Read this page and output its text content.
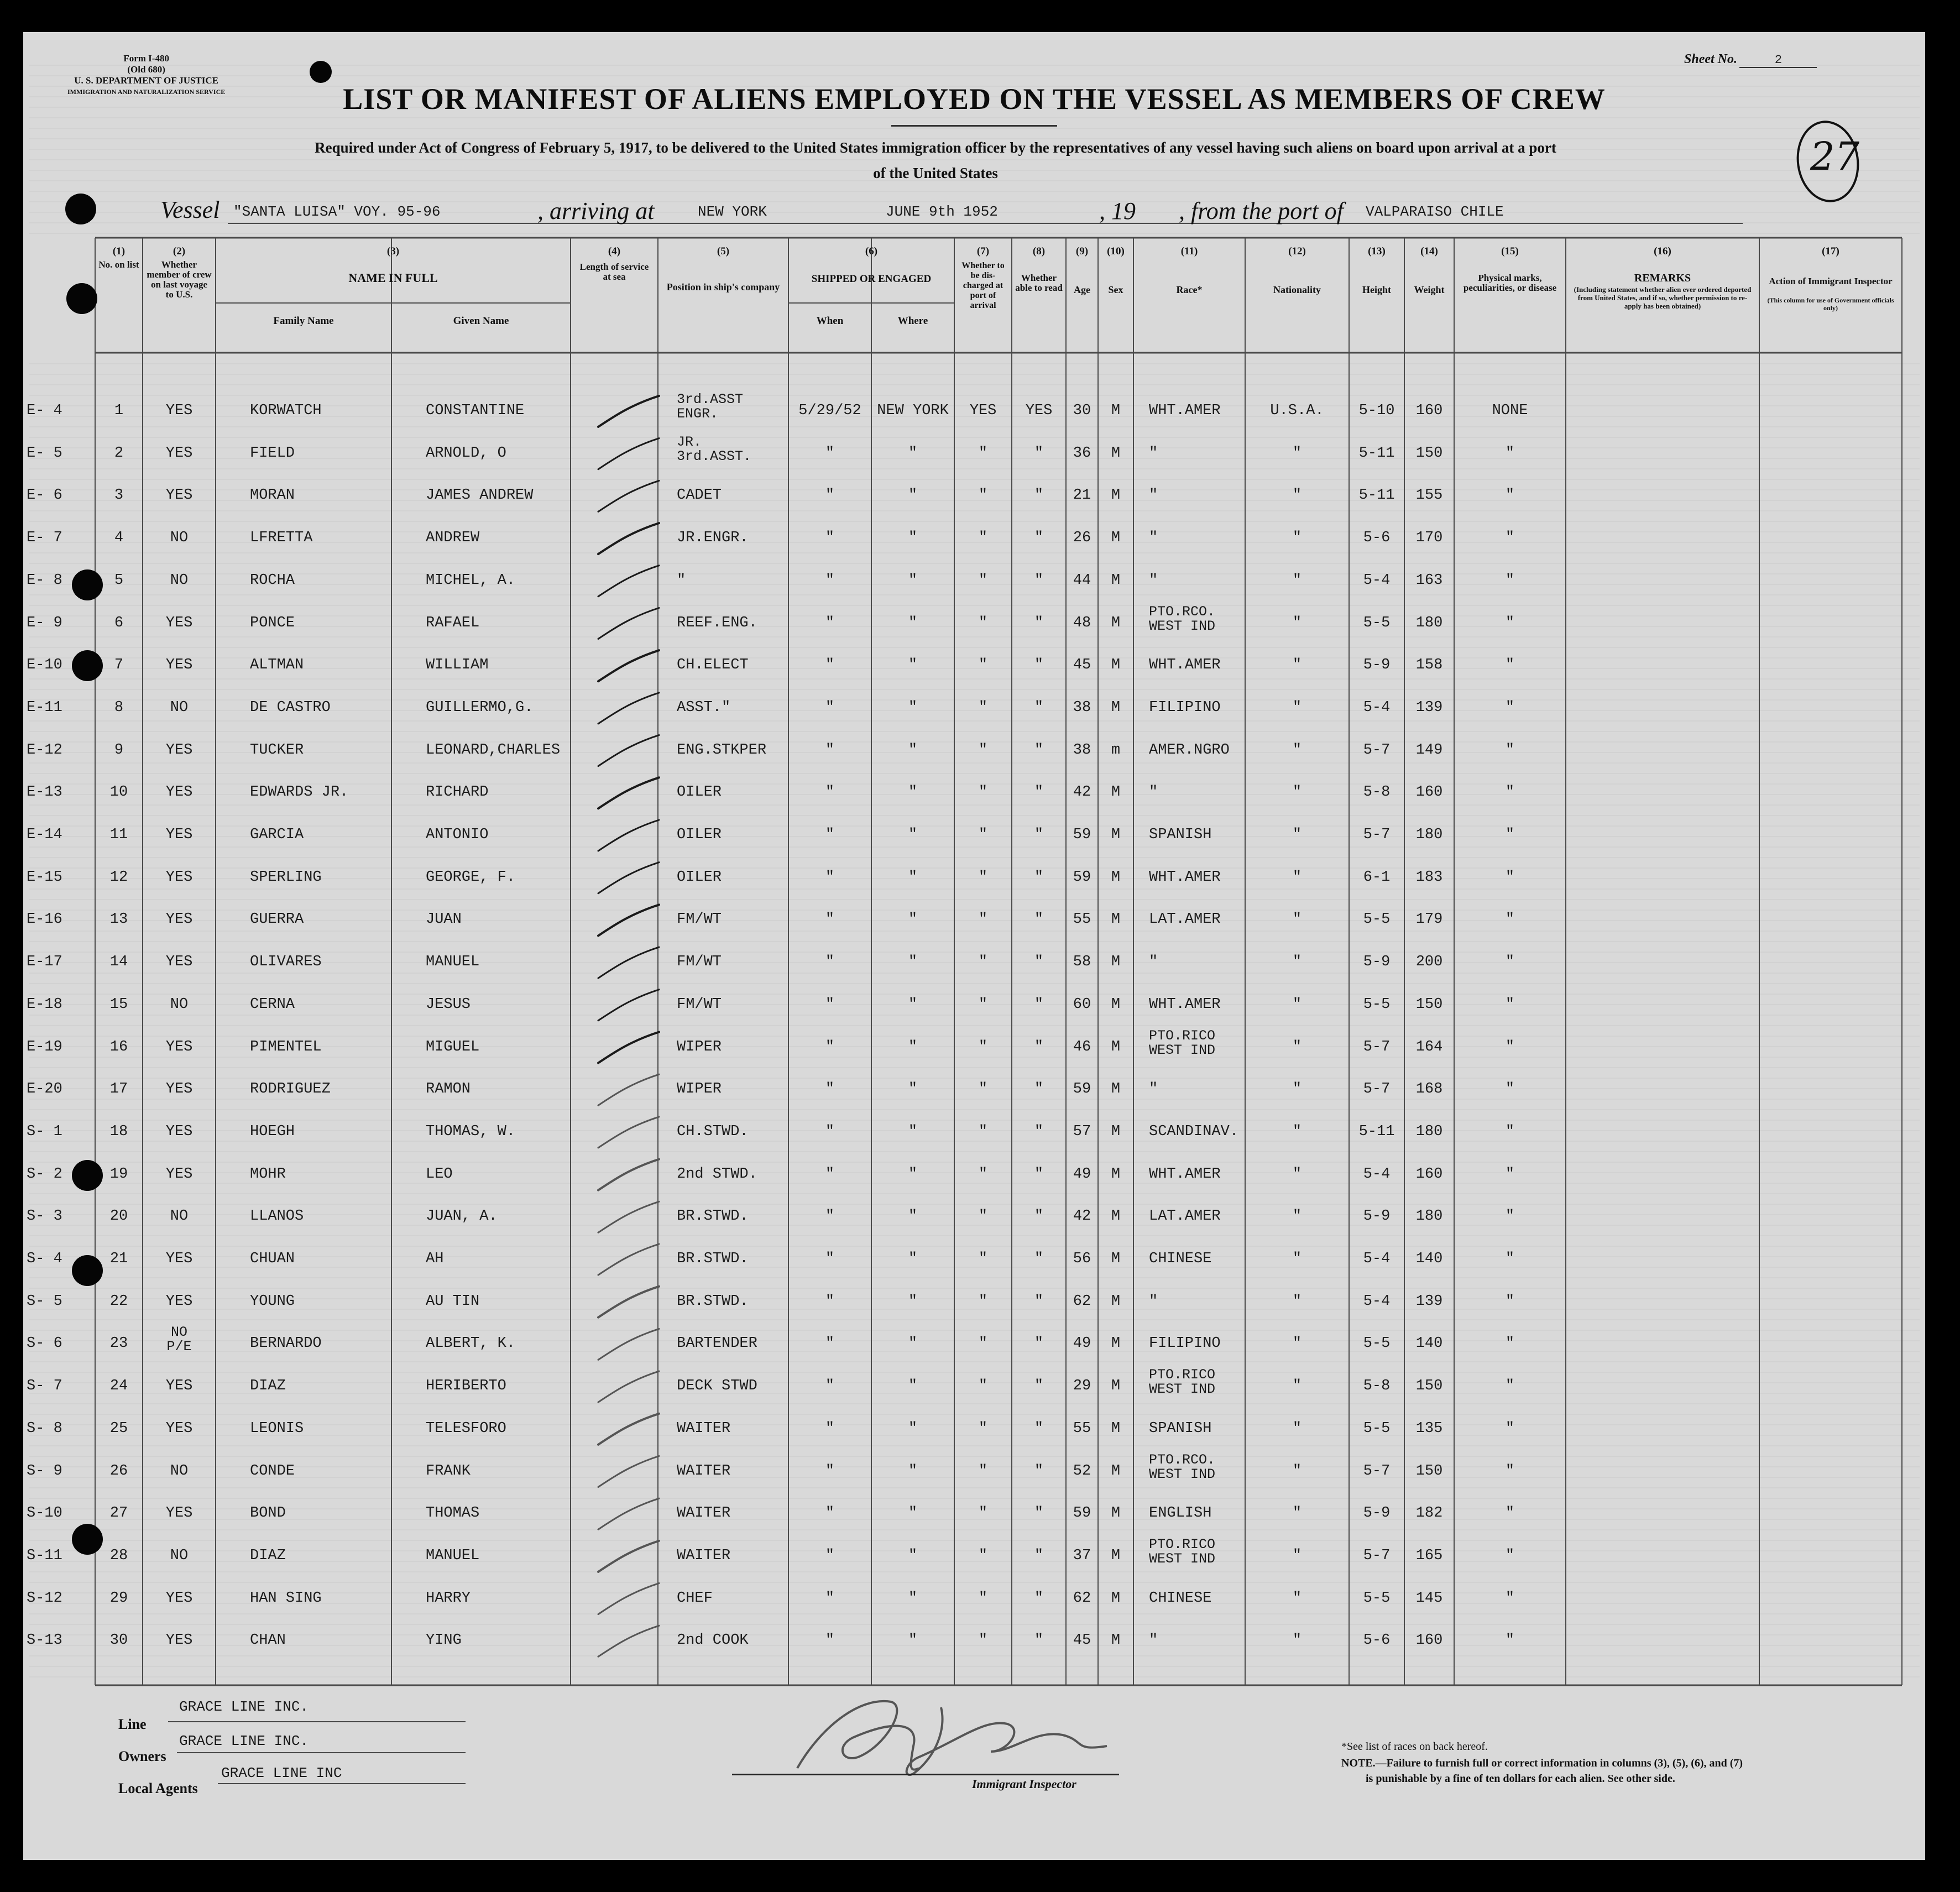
Form I-480
(Old 680)
U. S. DEPARTMENT OF JUSTICE
IMMIGRATION AND NATURALIZATION SERVICE
Sheet No.	2
LIST OR MANIFEST OF ALIENS EMPLOYED ON THE VESSEL AS MEMBERS OF CREW
Required under Act of Congress of February 5, 1917, to be delivered to the United States immigration officer by the representatives of any vessel having such aliens on board upon arrival at a port
of the United States	27
Vessel "SANTA LUISA" VOY. 95-96	, arriving at	NEW YORK	JUNE 9th 1952	, 19 , from the port of VALPARAISO CHILE
(1)	(2)	(4)	(5)	(7)	(8)	(9)	(10)	(11)	(12)	(13)	(14)	(15)	(16)	(17)
(3)	(6)
No. on list	Whether member of crew on last voyage to U.S.
NAME IN FULL
Family Name	Given Name
Length of service at sea
Position in ship's company
SHIPPED OR ENGAGED
When	Where
Whether to be dis-charged at port of arrival
Whether able to read	Age	Sex	Race*	Nationality	Height	Weight
Physical marks, peculiarities, or disease
REMARKS
(Including statement whether alien ever ordered deported from United States, and if so, whether permission to re-apply has been obtained)
Action of Immigrant Inspector
(This column for use of Government officials only)
E- 4	1	YES	KORWATCH	CONSTANTINE
3rd.ASST
ENGR.	5/29/52	NEW YORK	YES	YES	30	M	WHT.AMER	U.S.A.	5-10	160	NONE
E- 5	2	YES	FIELD	ARNOLD, O
JR.
3rd.ASST.	"	"	"	"	36	M	"	"	5-11	150	"
E- 6	3	YES	MORAN	JAMES ANDREW	CADET	"	"	"	"	21	M	"	"	5-11	155	"
E- 7	4	NO	LFRETTA	ANDREW	JR.ENGR.	"	"	"	"	26	M	"	"	5-6	170	"
E- 8	5	NO	ROCHA	MICHEL, A.	"	"	"	"	"	44	M	"	"	5-4	163	"
E- 9	6	YES	PONCE	RAFAEL	REEF.ENG.	"	"	"	"	48	M
PTO.RCO.
WEST IND	"	5-5	180	"
E-10	7	YES	ALTMAN	WILLIAM	CH.ELECT	"	"	"	"	45	M	WHT.AMER	"	5-9	158	"
E-11	8	NO	DE CASTRO	GUILLERMO,G.	ASST."	"	"	"	"	38	M	FILIPINO	"	5-4	139	"
E-12	9	YES	TUCKER	LEONARD,CHARLES	ENG.STKPER	"	"	"	"	38	m	AMER.NGRO	"	5-7	149	"
E-13	10	YES	EDWARDS JR.	RICHARD	OILER	"	"	"	"	42	M	"	"	5-8	160	"
E-14	11	YES	GARCIA	ANTONIO	OILER	"	"	"	"	59	M	SPANISH	"	5-7	180	"
E-15	12	YES	SPERLING	GEORGE, F.	OILER	"	"	"	"	59	M	WHT.AMER	"	6-1	183	"
E-16	13	YES	GUERRA	JUAN	FM/WT	"	"	"	"	55	M	LAT.AMER	"	5-5	179	"
E-17	14	YES	OLIVARES	MANUEL	FM/WT	"	"	"	"	58	M	"	"	5-9	200	"
E-18	15	NO	CERNA	JESUS	FM/WT	"	"	"	"	60	M	WHT.AMER	"	5-5	150	"
E-19	16	YES	PIMENTEL	MIGUEL	WIPER	"	"	"	"	46	M
PTO.RICO
WEST IND	"	5-7	164	"
E-20	17	YES	RODRIGUEZ	RAMON	WIPER	"	"	"	"	59	M	"	"	5-7	168	"
S- 1	18	YES	HOEGH	THOMAS, W.	CH.STWD.	"	"	"	"	57	M	SCANDINAV.	"	5-11	180	"
S- 2	19	YES	MOHR	LEO	2nd STWD.	"	"	"	"	49	M	WHT.AMER	"	5-4	160	"
S- 3	20	NO	LLANOS	JUAN, A.	BR.STWD.	"	"	"	"	42	M	LAT.AMER	"	5-9	180	"
S- 4	21	YES	CHUAN	AH	BR.STWD.	"	"	"	"	56	M	CHINESE	"	5-4	140	"
S- 5	22	YES	YOUNG	AU TIN	BR.STWD.	"	"	"	"	62	M	"	"	5-4	139	"
S- 6	23
NO
P/E	BERNARDO	ALBERT, K.	BARTENDER	"	"	"	"	49	M	FILIPINO	"	5-5	140	"
S- 7	24	YES	DIAZ	HERIBERTO	DECK STWD	"	"	"	"	29	M
PTO.RICO
WEST IND	"	5-8	150	"
S- 8	25	YES	LEONIS	TELESFORO	WAITER	"	"	"	"	55	M	SPANISH	"	5-5	135	"
S- 9	26	NO	CONDE	FRANK	WAITER	"	"	"	"	52	M
PTO.RCO.
WEST IND	"	5-7	150	"
S-10	27	YES	BOND	THOMAS	WAITER	"	"	"	"	59	M	ENGLISH	"	5-9	182	"
S-11	28	NO	DIAZ	MANUEL	WAITER	"	"	"	"	37	M
PTO.RICO
WEST IND	"	5-7	165	"
S-12	29	YES	HAN SING	HARRY	CHEF	"	"	"	"	62	M	CHINESE	"	5-5	145	"
S-13	30	YES	CHAN	YING	2nd COOK	"	"	"	"	45	M	"	"	5-6	160	"
Line
GRACE LINE INC.
Owners
GRACE LINE INC.
Local Agents
GRACE LINE INC
Immigrant Inspector
*See list of races on back hereof.
NOTE.—Failure to furnish full or correct information in columns (3), (5), (6), and (7)
is punishable by a fine of ten dollars for each alien. See other side.
